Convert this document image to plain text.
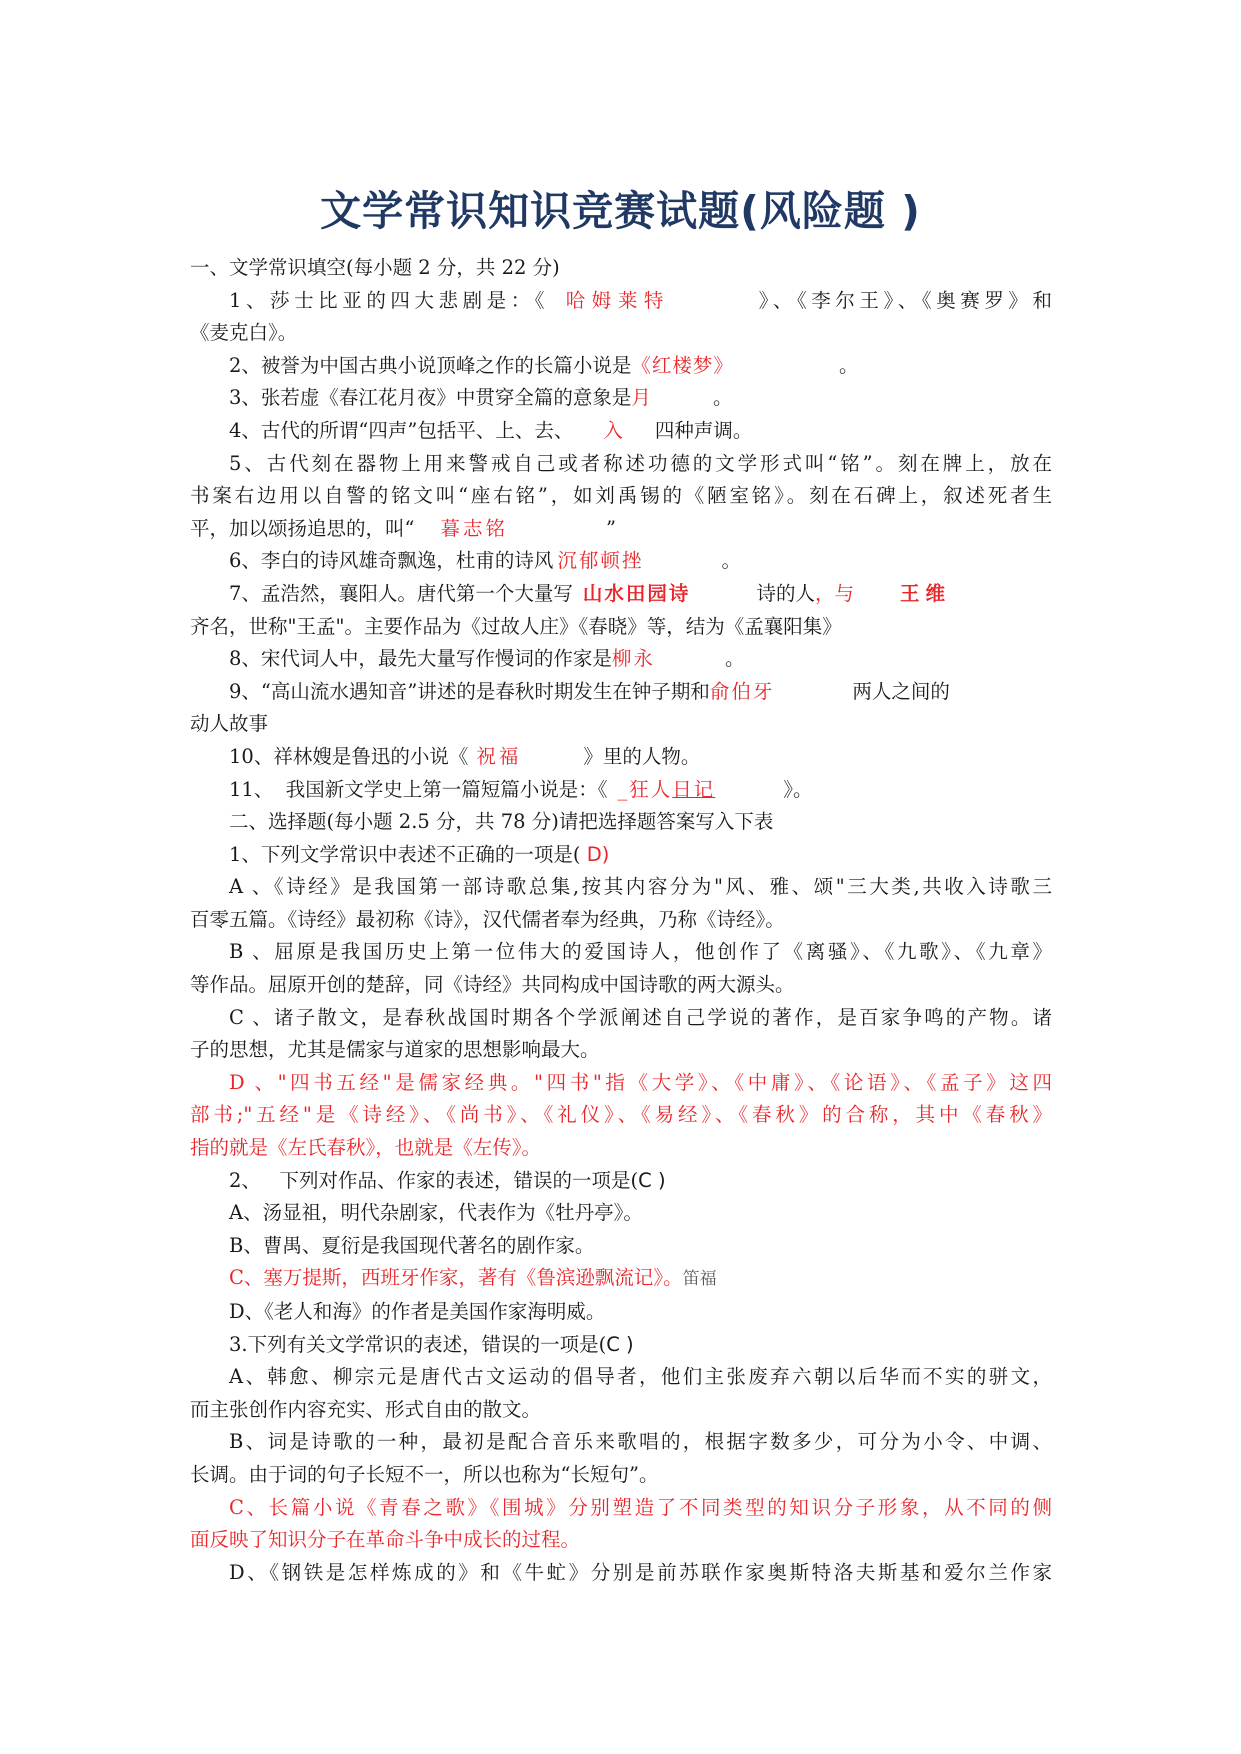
文学常识知识竞赛试题(风险题 )

一、文学常识填空(每小题 2 分，共 22 分)

1、莎士比亚的四大悲剧是：《 哈姆莱特	》、《李尔王》、《奥赛罗》和

《麦克白》。

2、被誉为中国古典小说顶峰之作的长篇小说是《红楼梦》	。

3、张若虚《春江花月夜》中贯穿全篇的意象是月	。

4、古代的所谓“四声”包括平、上、去、 入 四种声调。

5、古代刻在器物上用来警戒自己或者称述功德的文学形式叫“铭”。刻在牌上，放在

书案右边用以自警的铭文叫“座右铭”，如刘禹锡的《陋室铭》。刻在石碑上，叙述死者生

平，加以颂扬追思的，叫“ 暮志铭	”

6、李白的诗风雄奇飘逸，杜甫的诗风 沉郁顿挫	。

7、孟浩然，襄阳人。唐代第一个大量写 山水田园诗	诗的人，与 王维

齐名，世称"王孟"。主要作品为《过故人庄》《春晓》等，结为《孟襄阳集》

8、宋代词人中，最先大量写作慢词的作家是柳永	。

9、“高山流水遇知音”讲述的是春秋时期发生在钟子期和俞伯牙	两人之间的

动人故事

10、祥林嫂是鲁迅的小说《 祝福	》里的人物。

11、  我国新文学史上第一篇短篇小说是：《 _狂人日记	》。

二、选择题(每小题 2.5 分，共 78 分)请把选择题答案写入下表

1、下列文学常识中表述不正确的一项是( D)

A 、《诗经》是我国第一部诗歌总集,按其内容分为"风、雅、颂"三大类,共收入诗歌三

百零五篇。《诗经》最初称《诗》，汉代儒者奉为经典，乃称《诗经》。

B 、屈原是我国历史上第一位伟大的爱国诗人，他创作了《离骚》、《九歌》、《九章》

等作品。屈原开创的楚辞，同《诗经》共同构成中国诗歌的两大源头。

C 、诸子散文，是春秋战国时期各个学派阐述自己学说的著作，是百家争鸣的产物。诸

子的思想，尤其是儒家与道家的思想影响最大。

D 、"四书五经"是儒家经典。"四书"指《大学》、《中庸》、《论语》、《孟子》这四

部书;"五经"是《诗经》、《尚书》、《礼仪》、《易经》、《春秋》的合称，其中《春秋》

指的就是《左氏春秋》，也就是《左传》。

2、   下列对作品、作家的表述，错误的一项是(C )

A、汤显祖，明代杂剧家，代表作为《牡丹亭》。

B、曹禺、夏衍是我国现代著名的剧作家。

C、塞万提斯，西班牙作家，著有《鲁滨逊飘流记》。笛福

D、《老人和海》的作者是美国作家海明威。

3.下列有关文学常识的表述，错误的一项是(C )

A、韩愈、柳宗元是唐代古文运动的倡导者，他们主张废弃六朝以后华而不实的骈文，

而主张创作内容充实、形式自由的散文。

B、词是诗歌的一种，最初是配合音乐来歌唱的，根据字数多少，可分为小令、中调、

长调。由于词的句子长短不一，所以也称为“长短句”。

C、长篇小说《青春之歌》《围城》分别塑造了不同类型的知识分子形象，从不同的侧

面反映了知识分子在革命斗争中成长的过程。

D、《钢铁是怎样炼成的》和《牛虻》分别是前苏联作家奥斯特洛夫斯基和爱尔兰作家
